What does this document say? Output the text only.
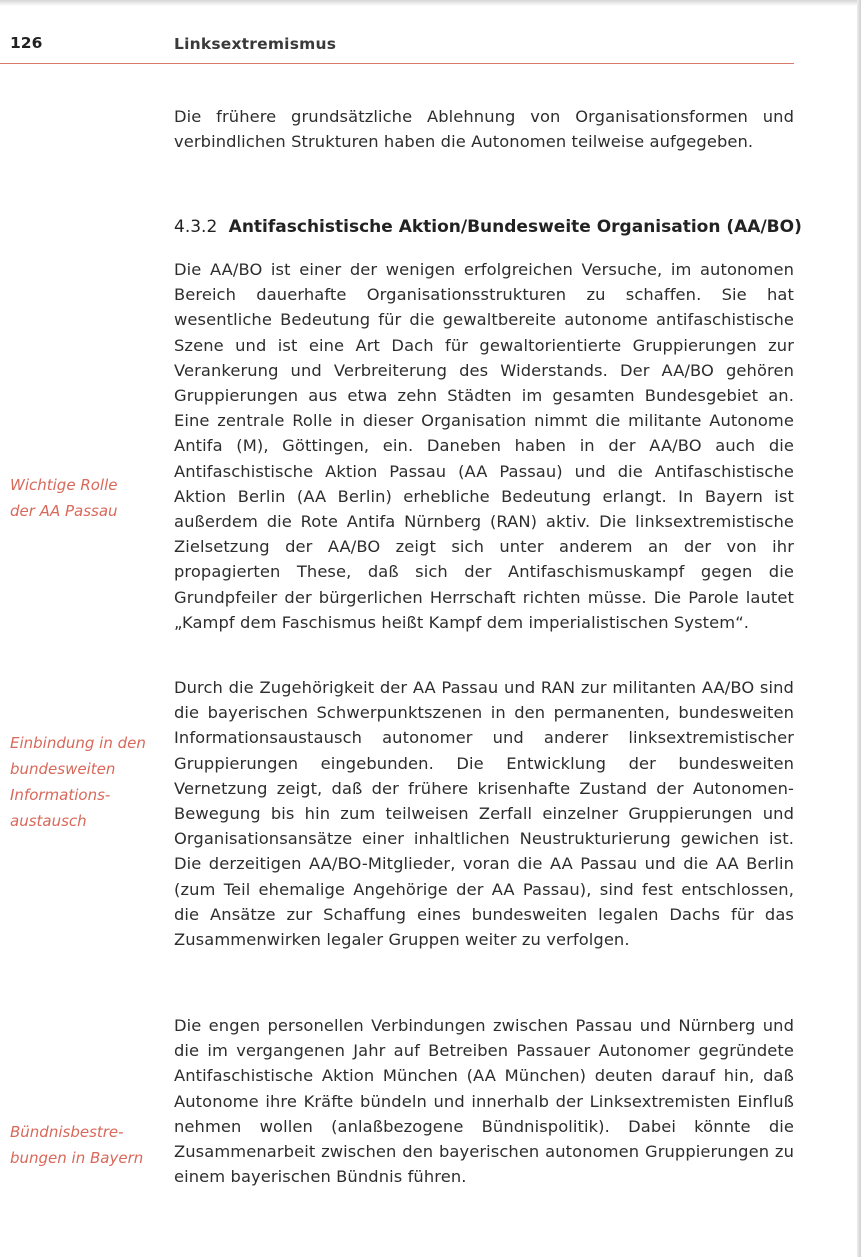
126	Linksextremismus

Die frühere grundsätzliche Ablehnung von Organisationsformen und verbindlichen Strukturen haben die Autonomen teilweise aufgegeben.

4.3.2 Antifaschistische Aktion/Bundesweite Organisation (AA/BO)

Die AA/BO ist einer der wenigen erfolgreichen Versuche, im autonomen Bereich dauerhafte Organisationsstrukturen zu schaffen. Sie hat wesentliche Bedeutung für die gewaltbereite autonome antifaschistische Szene und ist eine Art Dach für gewaltorientierte Gruppierungen zur Verankerung und Verbreiterung des Widerstands. Der AA/BO gehören Gruppierungen aus etwa zehn Städten im gesamten Bundesgebiet an. Eine zentrale Rolle in dieser Organisation nimmt die militante Autonome Antifa (M), Göttingen, ein. Daneben haben in der AA/BO auch die Antifaschistische Aktion Passau (AA Passau) und die Antifaschistische Aktion Berlin (AA Berlin) erhebliche Bedeutung erlangt. In Bayern ist außerdem die Rote Antifa Nürnberg (RAN) aktiv. Die linksextremistische Zielsetzung der AA/BO zeigt sich unter anderem an der von ihr propagierten These, daß sich der Antifaschismuskampf gegen die Grundpfeiler der bürgerlichen Herrschaft richten müsse. Die Parole lautet „Kampf dem Faschismus heißt Kampf dem imperialistischen System“.

Durch die Zugehörigkeit der AA Passau und RAN zur militanten AA/BO sind die bayerischen Schwerpunktszenen in den permanenten, bundesweiten Informationsaustausch autonomer und anderer linksextremistischer Gruppierungen eingebunden. Die Entwicklung der bundesweiten Vernetzung zeigt, daß der frühere krisenhafte Zustand der Autonomen-Bewegung bis hin zum teilweisen Zerfall einzelner Gruppierungen und Organisationsansätze einer inhaltlichen Neustrukturierung gewichen ist. Die derzeitigen AA/BO-Mitglieder, voran die AA Passau und die AA Berlin (zum Teil ehemalige Angehörige der AA Passau), sind fest entschlossen, die Ansätze zur Schaffung eines bundesweiten legalen Dachs für das Zusammenwirken legaler Gruppen weiter zu verfolgen.

Die engen personellen Verbindungen zwischen Passau und Nürnberg und die im vergangenen Jahr auf Betreiben Passauer Autonomer gegründete Antifaschistische Aktion München (AA München) deuten darauf hin, daß Autonome ihre Kräfte bündeln und innerhalb der Linksextremisten Einfluß nehmen wollen (anlaßbezogene Bündnispolitik). Dabei könnte die Zusammenarbeit zwischen den bayerischen autonomen Gruppierungen zu einem bayerischen Bündnis führen.

Wichtige Rolle
der AA Passau
Einbindung in den
bundesweiten
Informations-
austausch
Bündnisbestre-
bungen in Bayern
